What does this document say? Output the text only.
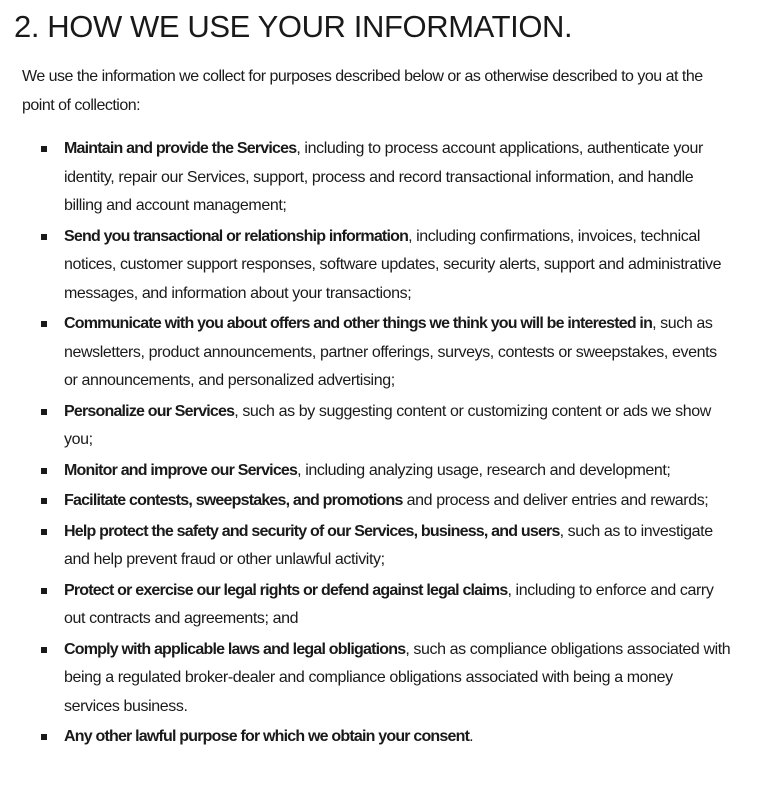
2. HOW WE USE YOUR INFORMATION.

We use the information we collect for purposes described below or as otherwise described to you at the point of collection:

Maintain and provide the Services, including to process account applications, authenticate your identity, repair our Services, support, process and record transactional information, and handle billing and account management;
Send you transactional or relationship information, including confirmations, invoices, technical notices, customer support responses, software updates, security alerts, support and administrative messages, and information about your transactions;
Communicate with you about offers and other things we think you will be interested in, such as newsletters, product announcements, partner offerings, surveys, contests or sweepstakes, events or announcements, and personalized advertising;
Personalize our Services, such as by suggesting content or customizing content or ads we show you;
Monitor and improve our Services, including analyzing usage, research and development;
Facilitate contests, sweepstakes, and promotions and process and deliver entries and rewards;
Help protect the safety and security of our Services, business, and users, such as to investigate and help prevent fraud or other unlawful activity;
Protect or exercise our legal rights or defend against legal claims, including to enforce and carry out contracts and agreements; and
Comply with applicable laws and legal obligations, such as compliance obligations associated with being a regulated broker-dealer and compliance obligations associated with being a money services business.
Any other lawful purpose for which we obtain your consent.
